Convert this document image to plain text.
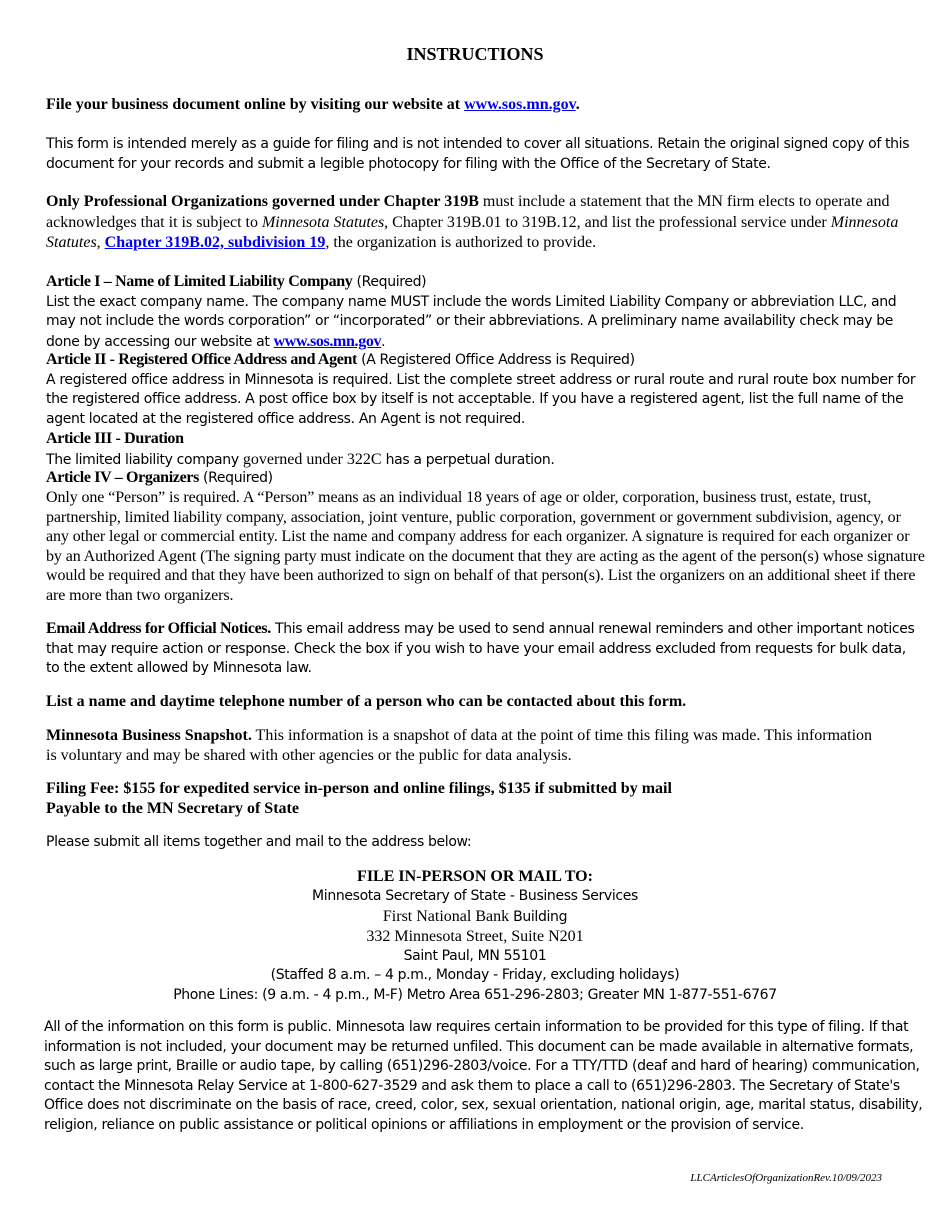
INSTRUCTIONS
File your business document online by visiting our website at www.sos.mn.gov.
This form is intended merely as a guide for filing and is not intended to cover all situations. Retain the original signed copy of this document for your records and submit a legible photocopy for filing with the Office of the Secretary of State.
Only Professional Organizations governed under Chapter 319B must include a statement that the MN firm elects to operate and acknowledges that it is subject to Minnesota Statutes, Chapter 319B.01 to 319B.12, and list the professional service under Minnesota Statutes, Chapter 319B.02, subdivision 19, the organization is authorized to provide.
Article I – Name of Limited Liability Company (Required)
List the exact company name. The company name MUST include the words Limited Liability Company or abbreviation LLC, and may not include the words corporation” or “incorporated” or their abbreviations. A preliminary name availability check may be done by accessing our website at www.sos.mn.gov.
Article II - Registered Office Address and Agent (A Registered Office Address is Required)
A registered office address in Minnesota is required. List the complete street address or rural route and rural route box number for the registered office address. A post office box by itself is not acceptable. If you have a registered agent, list the full name of the agent located at the registered office address. An Agent is not required.
Article III - Duration
The limited liability company governed under 322C has a perpetual duration.
Article IV – Organizers (Required)
Only one “Person” is required. A “Person” means as an individual 18 years of age or older, corporation, business trust, estate, trust, partnership, limited liability company, association, joint venture, public corporation, government or government subdivision, agency, or any other legal or commercial entity. List the name and company address for each organizer. A signature is required for each organizer or by an Authorized Agent (The signing party must indicate on the document that they are acting as the agent of the person(s) whose signature would be required and that they have been authorized to sign on behalf of that person(s). List the organizers on an additional sheet if there are more than two organizers.
Email Address for Official Notices. This email address may be used to send annual renewal reminders and other important notices that may require action or response. Check the box if you wish to have your email address excluded from requests for bulk data, to the extent allowed by Minnesota law.
List a name and daytime telephone number of a person who can be contacted about this form.
Minnesota Business Snapshot. This information is a snapshot of data at the point of time this filing was made. This information is voluntary and may be shared with other agencies or the public for data analysis.
Filing Fee: $155 for expedited service in-person and online filings, $135 if submitted by mail
Payable to the MN Secretary of State
Please submit all items together and mail to the address below:
FILE IN-PERSON OR MAIL TO:
Minnesota Secretary of State - Business Services
First National Bank Building
332 Minnesota Street, Suite N201
Saint Paul, MN 55101
(Staffed 8 a.m. – 4 p.m., Monday - Friday, excluding holidays)
Phone Lines: (9 a.m. - 4 p.m., M-F) Metro Area 651-296-2803; Greater MN 1-877-551-6767
All of the information on this form is public. Minnesota law requires certain information to be provided for this type of filing. If that information is not included, your document may be returned unfiled. This document can be made available in alternative formats, such as large print, Braille or audio tape, by calling (651)296-2803/voice. For a TTY/TTD (deaf and hard of hearing) communication, contact the Minnesota Relay Service at 1-800-627-3529 and ask them to place a call to (651)296-2803. The Secretary of State's Office does not discriminate on the basis of race, creed, color, sex, sexual orientation, national origin, age, marital status, disability, religion, reliance on public assistance or political opinions or affiliations in employment or the provision of service.
LLCArticlesOfOrganizationRev.10/09/2023
